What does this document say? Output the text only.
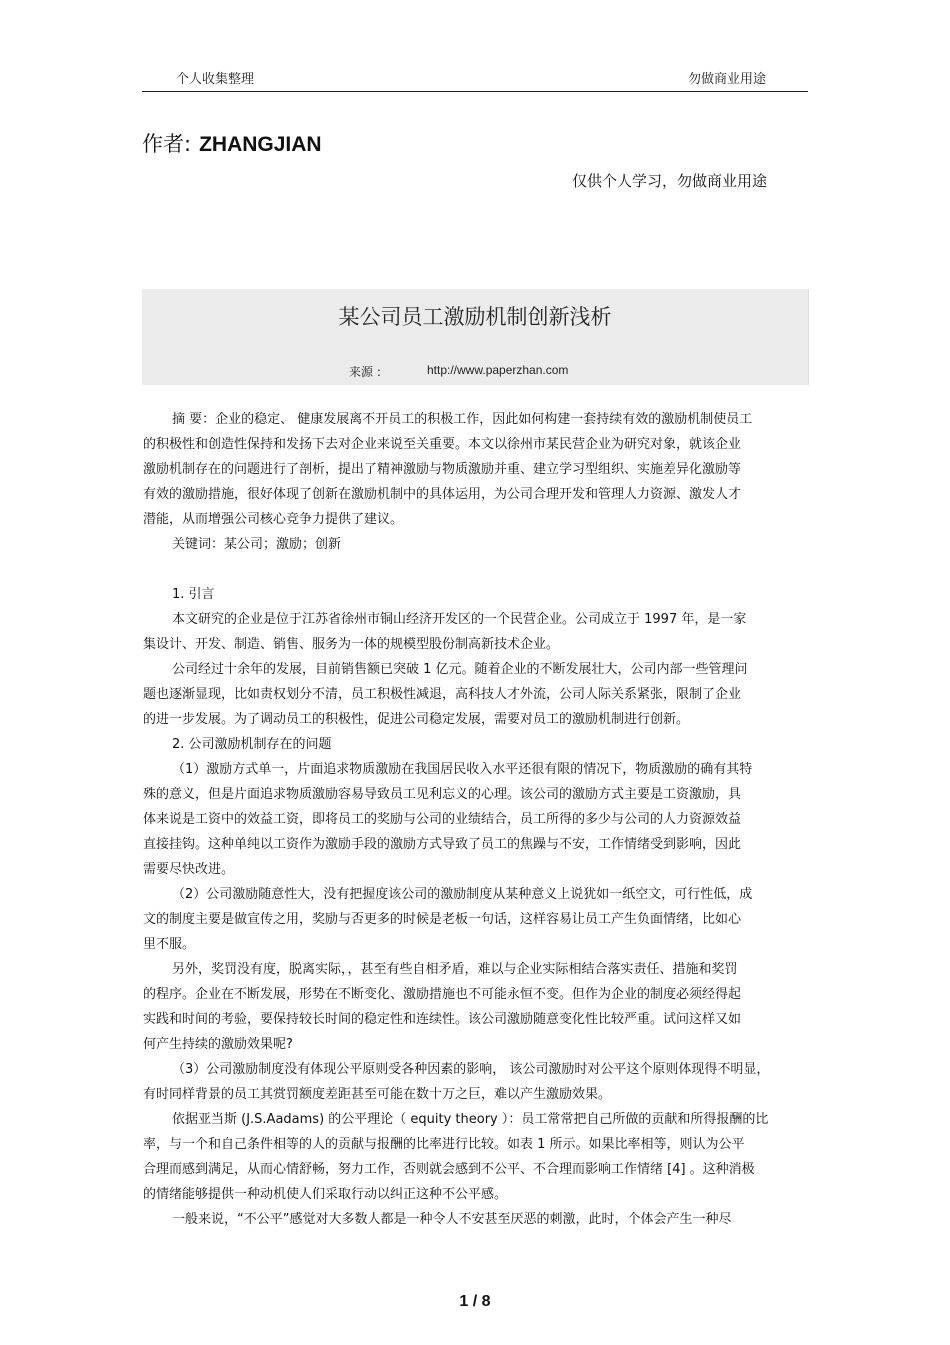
个人收集整理	勿做商业用途
作者: ZHANGJIAN
仅供个人学习，勿做商业用途
某公司员工激励机制创新浅析
来源 :	http://www.paperzhan.com
摘 要：企业的稳定、 健康发展离不开员工的积极工作，因此如何构建一套持续有效的激励机制使员工
的积极性和创造性保持和发扬下去对企业来说至关重要。本文以徐州市某民营企业为研究对象，就该企业
激励机制存在的问题进行了剖析，提出了精神激励与物质激励并重、建立学习型组织、实施差异化激励等
有效的激励措施，很好体现了创新在激励机制中的具体运用，为公司合理开发和管理人力资源、激发人才
潜能，从而增强公司核心竞争力提供了建议。
关键词：某公司；激励；创新
1. 引言
本文研究的企业是位于江苏省徐州市铜山经济开发区的一个民营企业。公司成立于 1997 年，是一家
集设计、开发、制造、销售、服务为一体的规模型股份制高新技术企业。
公司经过十余年的发展，目前销售额已突破 1 亿元。随着企业的不断发展壮大，公司内部一些管理问
题也逐渐显现，比如责权划分不清，员工积极性减退，高科技人才外流，公司人际关系紧张，限制了企业
的进一步发展。为了调动员工的积极性，促进公司稳定发展，需要对员工的激励机制进行创新。
2. 公司激励机制存在的问题
（1）激励方式单一，片面追求物质激励在我国居民收入水平还很有限的情况下，物质激励的确有其特
殊的意义，但是片面追求物质激励容易导致员工见利忘义的心理。该公司的激励方式主要是工资激励，具
体来说是工资中的效益工资，即将员工的奖励与公司的业绩结合，员工所得的多少与公司的人力资源效益
直接挂钩。这种单纯以工资作为激励手段的激励方式导致了员工的焦躁与不安，工作情绪受到影响，因此
需要尽快改进。
（2）公司激励随意性大，没有把握度该公司的激励制度从某种意义上说犹如一纸空文，可行性低，成
文的制度主要是做宣传之用，奖励与否更多的时候是老板一句话，这样容易让员工产生负面情绪，比如心
里不服。
另外，奖罚没有度，脱离实际，，甚至有些自相矛盾，难以与企业实际相结合落实责任、措施和奖罚
的程序。企业在不断发展，形势在不断变化、激励措施也不可能永恒不变。但作为企业的制度必须经得起
实践和时间的考验，要保持较长时间的稳定性和连续性。该公司激励随意变化性比较严重。试问这样又如
何产生持续的激励效果呢?
（3）公司激励制度没有体现公平原则受各种因素的影响， 该公司激励时对公平这个原则体现得不明显，
有时同样背景的员工其赏罚额度差距甚至可能在数十万之巨，难以产生激励效果。
依据亚当斯 (J.S.Aadams) 的公平理论（ equity theory ）：员工常常把自己所做的贡献和所得报酬的比
率，与一个和自己条件相等的人的贡献与报酬的比率进行比较。如表 1 所示。如果比率相等，则认为公平
合理而感到满足，从而心情舒畅，努力工作，否则就会感到不公平、不合理而影响工作情绪 [4] 。这种消极
的情绪能够提供一种动机使人们采取行动以纠正这种不公平感。
一般来说，“不公平”感觉对大多数人都是一种令人不安甚至厌恶的刺激，此时，个体会产生一种尽
1 / 8
